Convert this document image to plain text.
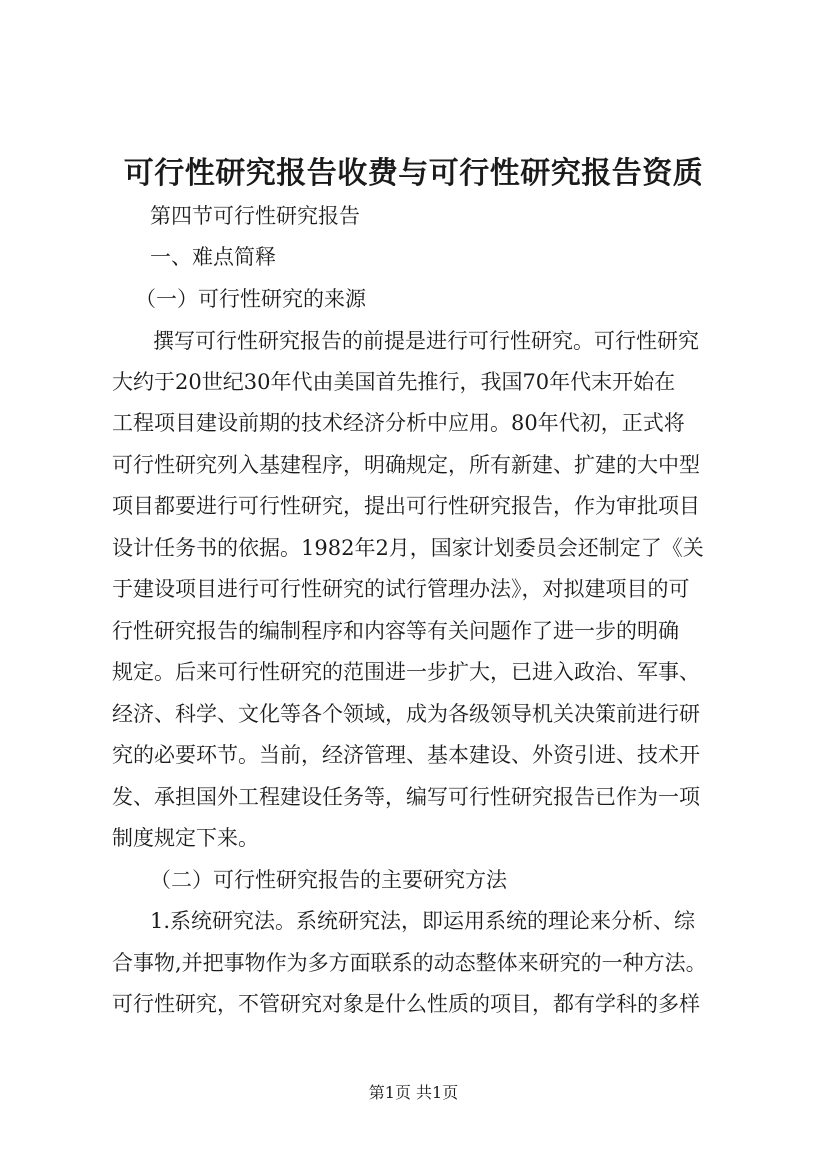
可行性研究报告收费与可行性研究报告资质

第四节可行性研究报告

一、难点简释

（一）可行性研究的来源

撰写可行性研究报告的前提是进行可行性研究。可行性研究

大约于20世纪30年代由美国首先推行，我国70年代末开始在

工程项目建设前期的技术经济分析中应用。80年代初，正式将

可行性研究列入基建程序，明确规定，所有新建、扩建的大中型

项目都要进行可行性研究，提出可行性研究报告，作为审批项目

设计任务书的依据。1982年2月，国家计划委员会还制定了《关

于建设项目进行可行性研究的试行管理办法》，对拟建项目的可

行性研究报告的编制程序和内容等有关问题作了进一步的明确

规定。后来可行性研究的范围进一步扩大，已进入政治、军事、

经济、科学、文化等各个领域，成为各级领导机关决策前进行研

究的必要环节。当前，经济管理、基本建设、外资引进、技术开

发、承担国外工程建设任务等，编写可行性研究报告已作为一项

制度规定下来。

（二）可行性研究报告的主要研究方法

1.系统研究法。系统研究法，即运用系统的理论来分析、综

合事物,并把事物作为多方面联系的动态整体来研究的一种方法。

可行性研究，不管研究对象是什么性质的项目，都有学科的多样

第1页 共1页
